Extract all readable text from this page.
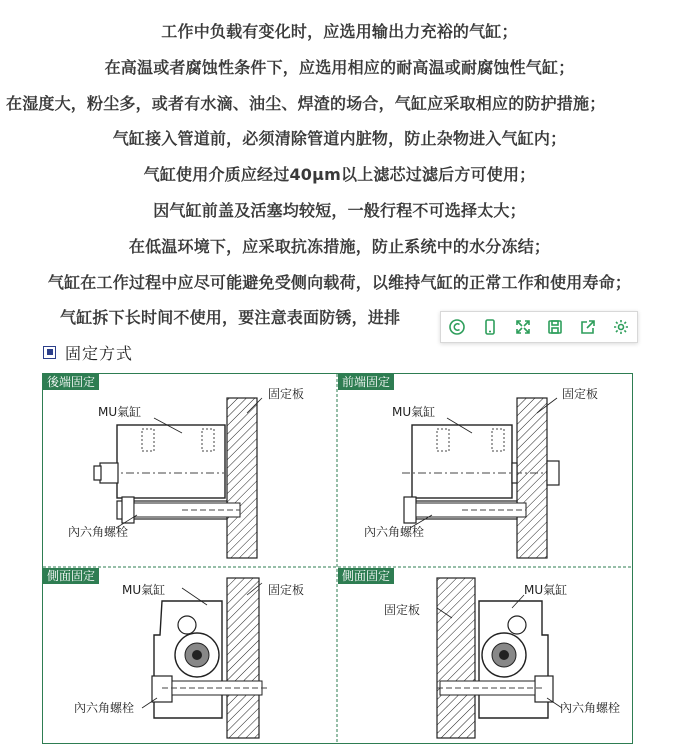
工作中负载有变化时，应选用输出力充裕的气缸；
在高温或者腐蚀性条件下，应选用相应的耐高温或耐腐蚀性气缸；
在湿度大，粉尘多，或者有水滴、油尘、焊渣的场合，气缸应采取相应的防护措施；
气缸接入管道前，必须清除管道内脏物，防止杂物进入气缸内；
气缸使用介质应经过40μm以上滤芯过滤后方可使用；
因气缸前盖及活塞均较短，一般行程不可选择太大；
在低温环境下，应采取抗冻措施，防止系统中的水分冻结；
气缸在工作过程中应尽可能避免受侧向载荷，以维持气缸的正常工作和使用寿命；
气缸拆下长时间不使用，要注意表面防锈，进排
固定方式
後端固定	前端固定
側面固定	側面固定
MU氣缸
固定板
內六角螺栓
MU氣缸
固定板
內六角螺栓
MU氣缸	固定板
內六角螺栓
MU氣缸
固定板
內六角螺栓
